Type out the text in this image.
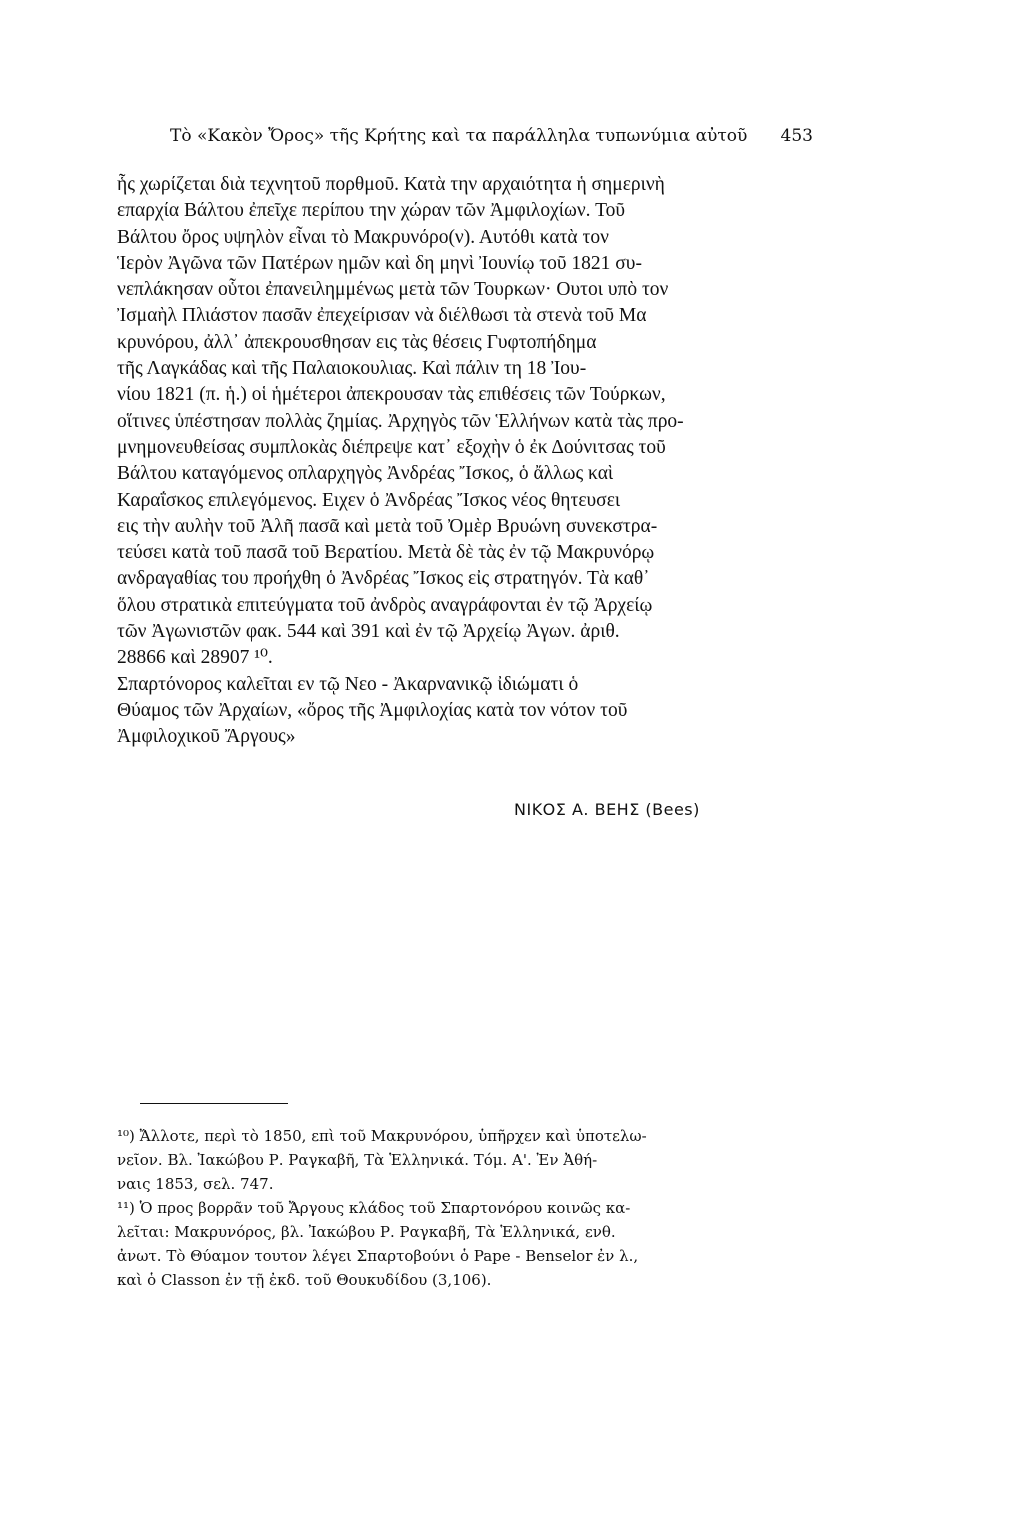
Τὸ «Κακὸν Ὄρος» τῆς Κρήτης καὶ τα παράλληλα τυπωνύμια αὐτοῦ 453
ἧς χωρίζεται διὰ τεχνητοῦ πορθμοῦ. Κατὰ την αρχαιότητα ἡ σημερινὴ
επαρχία Βάλτου ἐπεῖχε περίπου την χώραν τῶν Ἀμφιλοχίων. Τοῦ
Βάλτου ὄρος υψηλὸν εἶναι τὸ Μακρυνόρο(ν). Αυτόθι κατὰ τον
Ἱερὸν Ἀγῶνα τῶν Πατέρων ημῶν καὶ δη μηνὶ Ἰουνίῳ τοῦ 1821 συ-
νεπλάκησαν οὗτοι ἐπανειλημμένως μετὰ τῶν Τουρκων· Ουτοι υπὸ τον
Ἰσμαὴλ Πλιάστον πασᾶν ἐπεχείρισαν νὰ διέλθωσι τὰ στενὰ τοῦ Μα
κρυνόρου, ἀλλ᾿ ἀπεκρουσθησαν εις τὰς θέσεις Γυφτοπήδημα
τῆς Λαγκάδας καὶ τῆς Παλαιοκουλιας. Καὶ πάλιν τη 18 Ἰου-
νίου 1821 (π. ἡ.) οἱ ἡμέτεροι ἀπεκρουσαν τὰς επιθέσεις τῶν Τούρκων,
οἵτινες ὑπέστησαν πολλὰς ζημίας. Ἀρχηγὸς τῶν Ἑλλήνων κατὰ τὰς προ-
μνημονευθείσας συμπλοκὰς διέπρεψε κατ᾿ εξοχὴν ὁ ἐκ Δούνιτσας τοῦ
Βάλτου καταγόμενος οπλαρχηγὸς Ἀνδρέας Ἴσκος, ὁ ἄλλως καὶ
Καραΐσκος επιλεγόμενος. Ειχεν ὁ Ἀνδρέας Ἴσκος νέος θητευσει
εις τὴν αυλὴν τοῦ Ἀλῆ πασᾶ καὶ μετὰ τοῦ Ὀμὲρ Βρυώνη συνεκστρα-
τεύσει κατὰ τοῦ πασᾶ τοῦ Βερατίου. Μετὰ δὲ τὰς ἐν τῷ Μακρυνόρῳ
ανδραγαθίας του προήχθη ὁ Ἀνδρέας Ἴσκος εἰς στρατηγόν. Τὰ καθ᾿
ὅλου στρατικὰ επιτεύγματα τοῦ ἀνδρὸς αναγράφονται ἐν τῷ Ἀρχείῳ
τῶν Ἀγωνιστῶν φακ. 544 καὶ 391 καὶ ἐν τῷ Ἀρχείῳ Ἀγων. ἀριθ.
28866 καὶ 28907 ¹⁰.
Σπαρτόνορος καλεῖται εν τῷ Νεο - Ἀκαρνανικῷ ἰδιώματι ὁ
Θύαμος τῶν Ἀρχαίων, «ὄρος τῆς Ἀμφιλοχίας κατὰ τον νότον τοῦ
Ἀμφιλοχικοῦ Ἄργους»
ΝΙΚΟΣ Α. ΒΕΗΣ (Bees)
¹⁰) Ἄλλοτε, περὶ τὸ 1850, επὶ τοῦ Μακρυνόρου, ὑπῆρχεν καὶ ὑποτελω-
νεῖον. Βλ. Ἰακώβου Ρ. Ραγκαβῆ, Τὰ Ἑλληνικά. Τόμ. Α'. Ἐν Ἀθή-
ναις 1853, σελ. 747.
¹¹) Ὁ προς βορρᾶν τοῦ Ἄργους κλάδος τοῦ Σπαρτονόρου κοινῶς κα-
λεῖται: Μακρυνόρος, βλ. Ἰακώβου Ρ. Ραγκαβῆ, Τὰ Ἑλληνικά, ενθ.
ἀνωτ. Τὸ Θύαμον τουτον λέγει Σπαρτοβούνι ὁ Pape - Benselor ἐν λ.,
καὶ ὁ Classon ἐν τῇ ἐκδ. τοῦ Θουκυδίδου (3,106).
